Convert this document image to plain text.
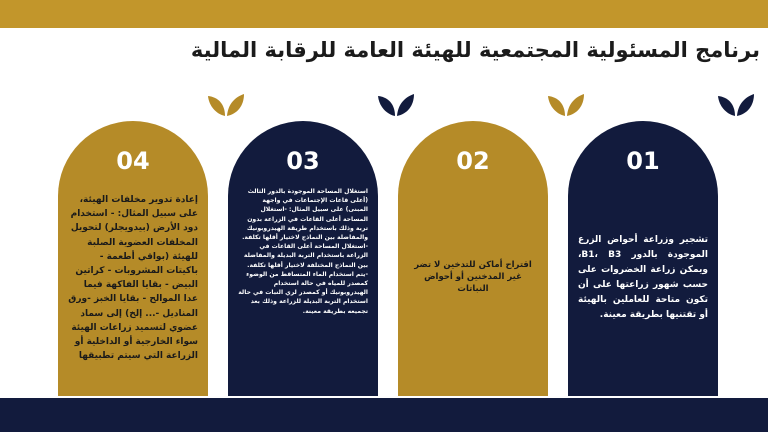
برنامج المسئولية المجتمعية للهيئة العامة للرقابة المالية
04
إعادة تدوير مخلفات الهيئة، على سبيل المثال: - استخدام دود الأرض (بيدويجلر) لتحويل المخلفات العضوية الصلبة للهيئة (بواقي أطعمة - باكيتات المشروبات - كراتين البيض - بقايا الفاكهة فيما عدا الموالح - بقايا الخبز -ورق المناديل -... إلخ) إلى سماد عضوي لتسميد زراعات الهيئة سواء الخارجية أو الداخلية أو الزراعة التي سيتم تطبيقها
03
استغلال المساحة الموجودة بالدور الثالث (أعلى قاعات الإجتماعات في واجهة المبنى) على سبيل المثال: -استغلال المساحة أعلى القاعات في الزراعة بدون تربة وذلك باستخدام طريقة الهيدروبونيك والمفاضلة بين النماذج لاختيار أقلها تكلفة. -استغلال المساحة أعلى القاعات في الزراعة باستخدام التربة البديلة والمفاضلة بين النماذج المختلفة لاختيار أقلها تكلفة. -يتم استخدام الماء المتساقط من الوضوء كمصدر للمياه في حالة استخدام الهيدروبونيك أو كمصدر لري النبات في حالة استخدام التربة البديلة للزراعة وذلك بعد تجميعه بطريقة معينة.
02
اقتراح أماكن للتدخين لا تضر غير المدخنين أو أحواض النباتات
01
تشجير وزراعة أحواض الزرع الموجودة بالدور B1، B3، ويمكن زراعة الخضروات على حسب شهور زراعتها على أن تكون متاحة للعاملين بالهيئة أو تقتنيها بطريقة معينة.
